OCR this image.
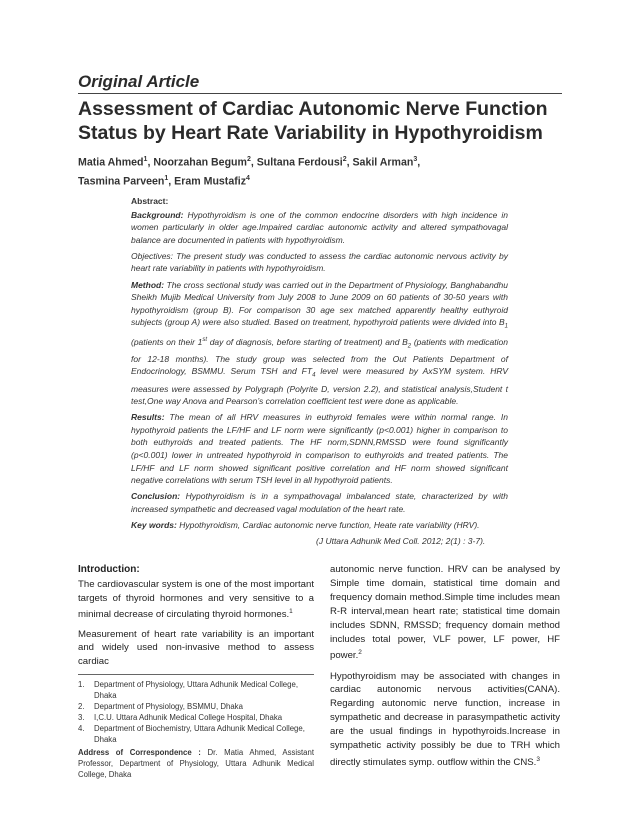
Original Article
Assessment of Cardiac Autonomic Nerve Function Status by Heart Rate Variability in Hypothyroidism
Matia Ahmed$^1$, Noorzahan Begum$^2$, Sultana Ferdousi$^2$, Sakil Arman$^3$,
Tasmina Parveen$^1$, Eram Mustafiz$^4$
Abstract:

Background: Hypothyroidism is one of the common endocrine disorders with high incidence in women particularly in older age.Impaired cardiac autonomic activity and altered sympathovagal balance are documented in patients with hypothyroidism.

Objectives: The present study was conducted to assess the cardiac autonomic nervous activity by heart rate variability in patients with hypothyroidism.

Method: The cross sectional study was carried out in the Department of Physiology, Banghabandhu Sheikh Mujib Medical University from July 2008 to June 2009 on 60 patients of 30-50 years with hypothyroidism (group B). For comparison 30 age sex matched apparently healthy euthyroid subjects (group A) were also studied. Based on treatment, hypothyroid patients were divided into $B_1$ (patients on their 1st day of diagnosis, before starting of treatment) and $B_2$ (patients with medication for 12-18 months). The study group was selected from the Out Patients Department of Endocrinology, BSMMU. Serum TSH and $FT_4$ level were measured by AxSYM system. HRV measures were assessed by Polygraph (Polyrite D, version 2.2), and statistical analysis,Student t test,One way Anova and Pearson’s correlation coefficient test were done as applicable.

Results: The mean of all HRV measures in euthyroid females were within normal range. In hypothyroid patients the LF/HF and LF norm were significantly (p<0.001) higher in comparison to both euthyroids and treated patients. The HF norm,SDNN,RMSSD were found significantly (p<0.001) lower in untreated hypothyroid in comparison to euthyroids and treated patients. The LF/HF and LF norm showed significant positive correlation and HF norm showed significant negative correlations with serum TSH level in all hypothyroid patients.

Conclusion: Hypothyroidism is in a sympathovagal imbalanced state, characterized by with increased sympathetic and decreased vagal modulation of the heart rate.

Key words: Hypothyroidism, Cardiac autonomic nerve function, Heate rate variability (HRV).

(J Uttara Adhunik Med Coll. 2012; 2(1) : 3-7).
Introduction:

The cardiovascular system is one of the most important targets of thyroid hormones and very sensitive to a minimal decrease of circulating thyroid hormones.$^1$

Measurement of heart rate variability is an important and widely used non-invasive method to assess cardiac

1.	Department of Physiology, Uttara Adhunik Medical College, Dhaka
2.	Department of Physiology, BSMMU, Dhaka
3.	I,C.U. Uttara Adhunik Medical College Hospital, Dhaka
4.	Department of Biochemistry, Uttara Adhunik Medical College, Dhaka
Address of Correspondence : Dr. Matia Ahmed, Assistant Professor, Department of Physiology, Uttara Adhunik Medical College, Dhaka

autonomic nerve function. HRV can be analysed by Simple time domain, statistical time domain and frequency domain method.Simple time includes mean R-R interval,mean heart rate; statistical time domain includes SDNN, RMSSD; frequency domain method includes total power, VLF power, LF power, HF power.$^2$

Hypothyroidism may be associated with changes in cardiac autonomic nervous activities(CANA). Regarding autonomic nerve function, increase in sympathetic and decrease in parasympathetic activity are the usual findings in hypothyroids.Increase in sympathetic activity possibly be due to TRH which directly stimulates symp. outflow within the CNS.$^3$
